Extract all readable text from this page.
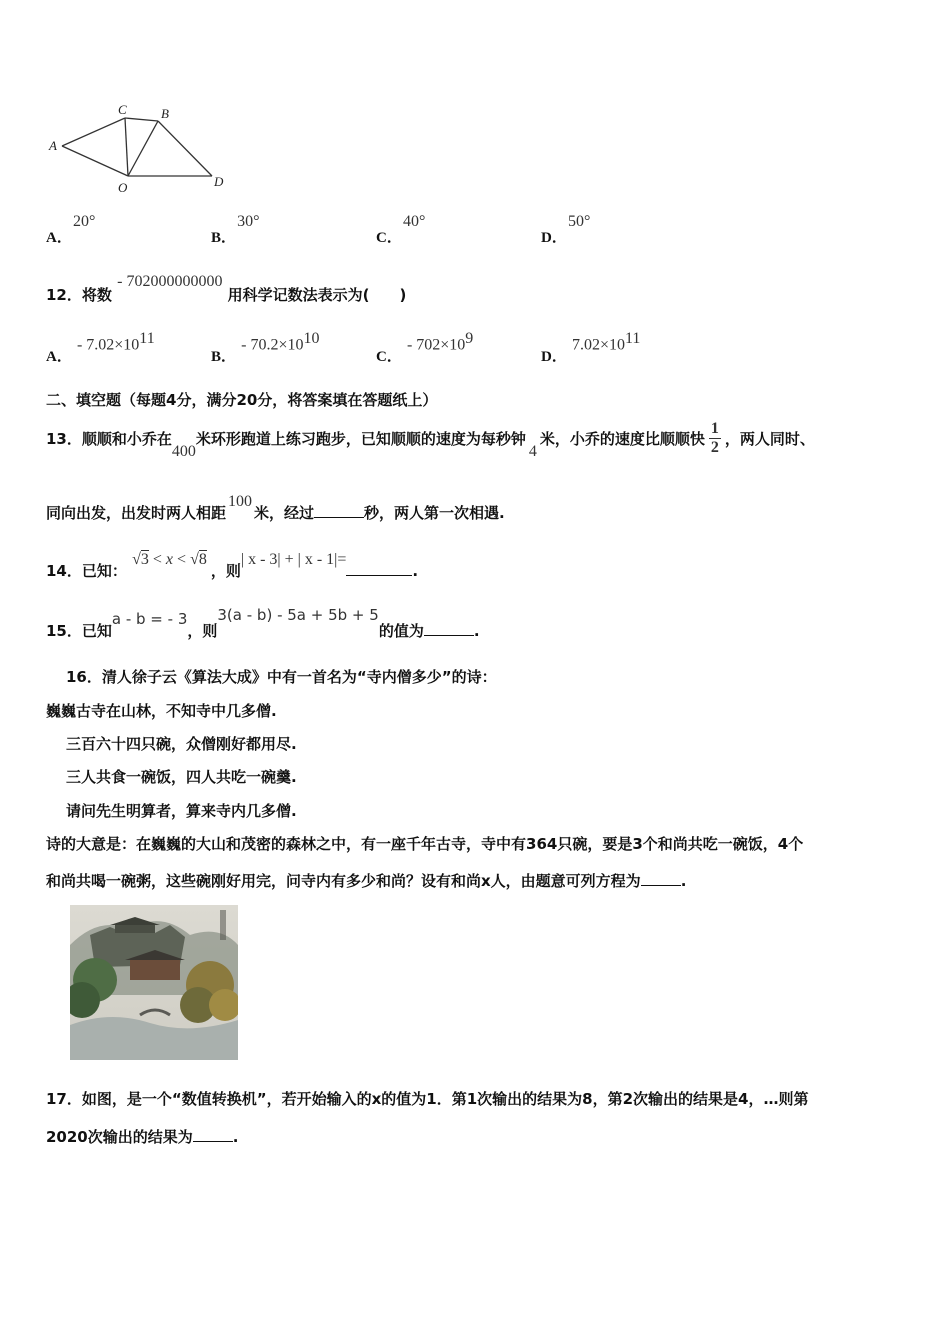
A
C	B
O	D
A． 20°
B． 30°
C． 40°
D． 50°
12．将数 - 702000000000 用科学记数法表示为(　　)
A． - $7.02\times 10^{11}$
B． - $70.2\times 10^{10}$
C． - $702\times 10^9$
D． $7.02\times 10^{11}$
二、填空题（每题4分，满分20分，将答案填在答题纸上）
13．顺顺和小乔在400米环形跑道上练习跑步，已知顺顺的速度为每秒钟4米，小乔的速度比顺顺快 $\frac{1}{2}$ ，两人同时、
同向出发，出发时两人相距100米，经过	秒，两人第一次相遇.
14．已知： √3 < x < √8 ，则| x - 3| + | x - 1|=.
15．已知a - b = - 3，则3(a - b) - 5a + 5b + 5的值为	.
16．清人徐子云《算法大成》中有一首名为“寺内僧多少”的诗：
巍巍古寺在山林，不知寺中几多僧.
三百六十四只碗，众僧刚好都用尽.
三人共食一碗饭，四人共吃一碗羹.
请问先生明算者，算来寺内几多僧.
诗的大意是：在巍巍的大山和茂密的森林之中，有一座千年古寺，寺中有364只碗，要是3个和尚共吃一碗饭，4个
和尚共喝一碗粥，这些碗刚好用完，问寺内有多少和尚？设有和尚x人，由题意可列方程为	.
17．如图，是一个“数值转换机”，若开始输入的x的值为1．第1次输出的结果为8，第2次输出的结果是4，…则第
2020次输出的结果为	.
